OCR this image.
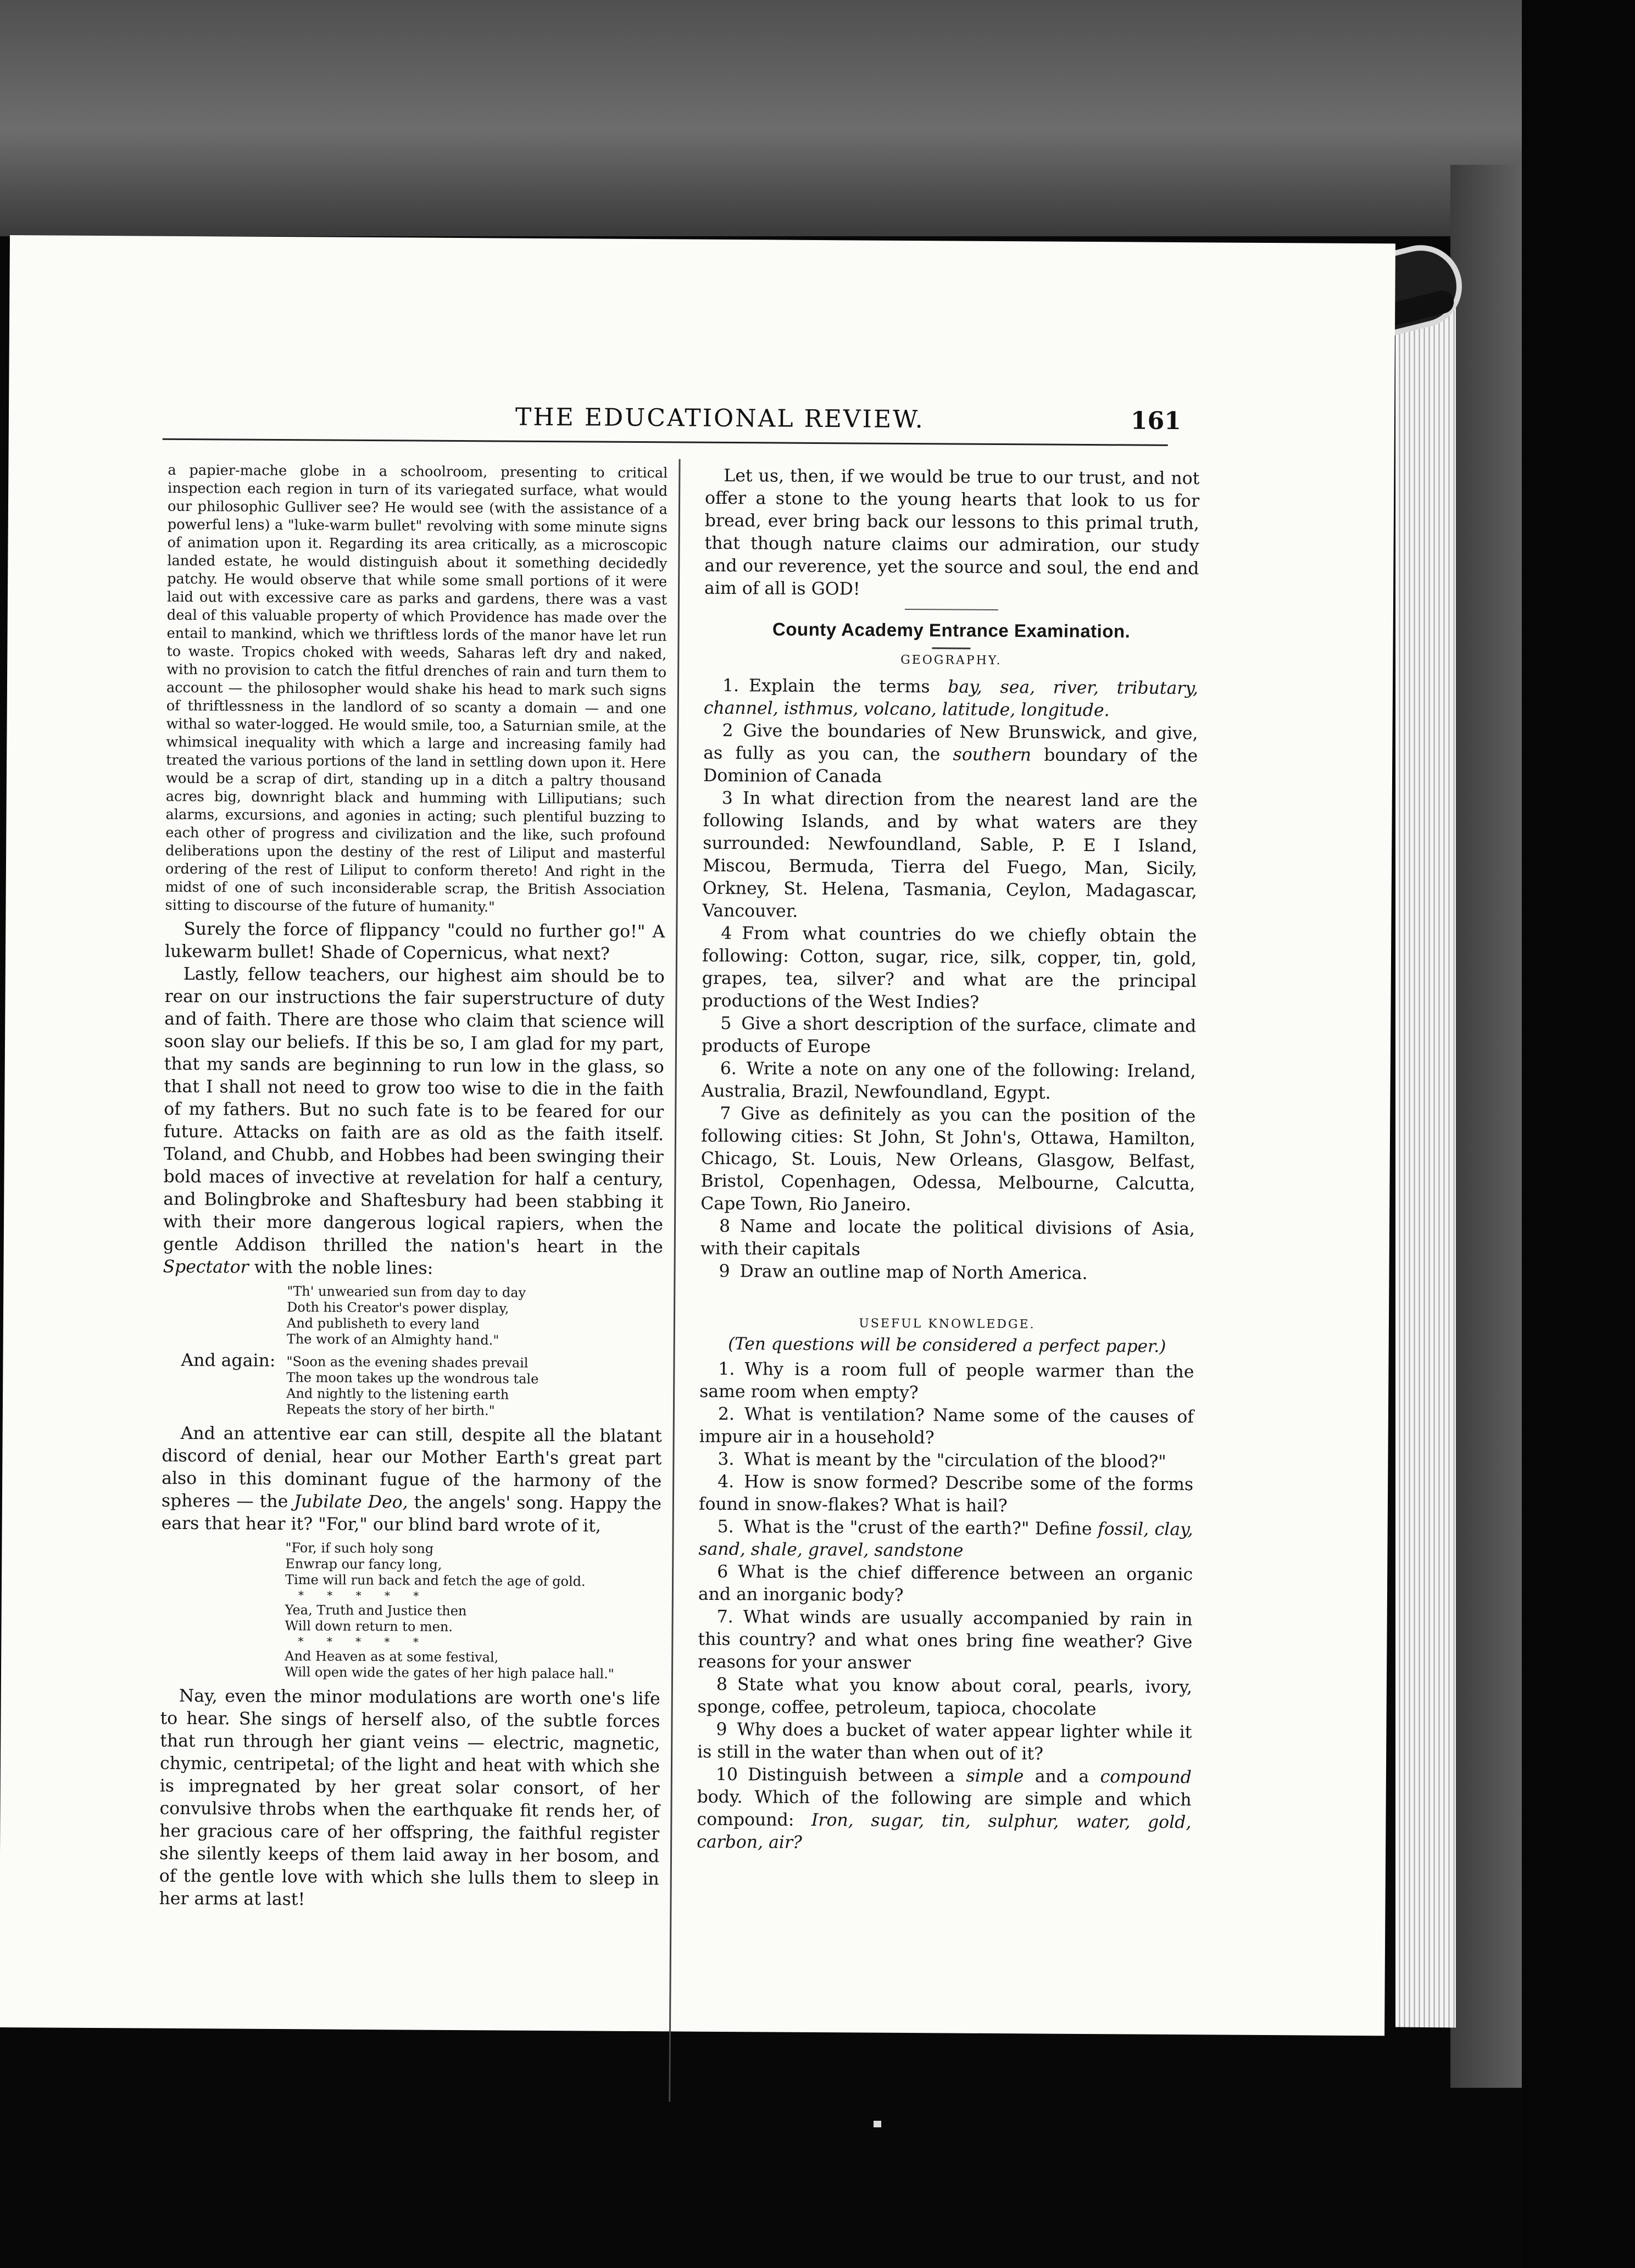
THE EDUCATIONAL REVIEW.	161

a papier-mache globe in a schoolroom, presenting to critical inspection each region in turn of its variegated surface, what would our philosophic Gulliver see? He would see (with the assistance of a powerful lens) a "luke-warm bullet" revolving with some minute signs of animation upon it. Regarding its area critically, as a microscopic landed estate, he would distinguish about it something decidedly patchy. He would observe that while some small portions of it were laid out with excessive care as parks and gardens, there was a vast deal of this valuable property of which Providence has made over the entail to mankind, which we thriftless lords of the manor have let run to waste. Tropics choked with weeds, Saharas left dry and naked, with no provision to catch the fitful drenches of rain and turn them to account — the philosopher would shake his head to mark such signs of thriftlessness in the landlord of so scanty a domain — and one withal so water-logged. He would smile, too, a Saturnian smile, at the whimsical inequality with which a large and increasing family had treated the various portions of the land in settling down upon it. Here would be a scrap of dirt, standing up in a ditch a paltry thousand acres big, downright black and humming with Lilliputians; such alarms, excursions, and agonies in acting; such plentiful buzzing to each other of progress and civilization and the like, such profound deliberations upon the destiny of the rest of Liliput and masterful ordering of the rest of Liliput to conform thereto! And right in the midst of one of such inconsiderable scrap, the British Association sitting to discourse of the future of humanity."

Surely the force of flippancy "could no further go!" A lukewarm bullet! Shade of Copernicus, what next?

Lastly, fellow teachers, our highest aim should be to rear on our instructions the fair superstructure of duty and of faith. There are those who claim that science will soon slay our beliefs. If this be so, I am glad for my part, that my sands are beginning to run low in the glass, so that I shall not need to grow too wise to die in the faith of my fathers. But no such fate is to be feared for our future. Attacks on faith are as old as the faith itself. Toland, and Chubb, and Hobbes had been swinging their bold maces of invective at revelation for half a century, and Bolingbroke and Shaftesbury had been stabbing it with their more dangerous logical rapiers, when the gentle Addison thrilled the nation's heart in the Spectator with the noble lines:

"Th' unwearied sun from day to day
Doth his Creator's power display,
And publisheth to every land
The work of an Almighty hand."
And again: "Soon as the evening shades prevail
The moon takes up the wondrous tale
And nightly to the listening earth
Repeats the story of her birth."

And an attentive ear can still, despite all the blatant discord of denial, hear our Mother Earth's great part also in this dominant fugue of the harmony of the spheres — the Jubilate Deo, the angels' song. Happy the ears that hear it? "For," our blind bard wrote of it,

"For, if such holy song
Enwrap our fancy long,
Time will run back and fetch the age of gold.
* * * * *
Yea, Truth and Justice then
Will down return to men.
* * * * *
And Heaven as at some festival,
Will open wide the gates of her high palace hall."

Nay, even the minor modulations are worth one's life to hear. She sings of herself also, of the subtle forces that run through her giant veins — electric, magnetic, chymic, centripetal; of the light and heat with which she is impregnated by her great solar consort, of her convulsive throbs when the earthquake fit rends her, of her gracious care of her offspring, the faithful register she silently keeps of them laid away in her bosom, and of the gentle love with which she lulls them to sleep in her arms at last!

Let us, then, if we would be true to our trust, and not offer a stone to the young hearts that look to us for bread, ever bring back our lessons to this primal truth, that though nature claims our admiration, our study and our reverence, yet the source and soul, the end and aim of all is GOD!

County Academy Entrance Examination.

GEOGRAPHY.

1. Explain the terms bay, sea, river, tributary, channel, isthmus, volcano, latitude, longitude.

2 Give the boundaries of New Brunswick, and give, as fully as you can, the southern boundary of the Dominion of Canada

3 In what direction from the nearest land are the following Islands, and by what waters are they surrounded: Newfoundland, Sable, P. E I Island, Miscou, Bermuda, Tierra del Fuego, Man, Sicily, Orkney, St. Helena, Tasmania, Ceylon, Madagascar, Vancouver.

4 From what countries do we chiefly obtain the following: Cotton, sugar, rice, silk, copper, tin, gold, grapes, tea, silver? and what are the principal productions of the West Indies?

5 Give a short description of the surface, climate and products of Europe

6. Write a note on any one of the following: Ireland, Australia, Brazil, Newfoundland, Egypt.

7 Give as definitely as you can the position of the following cities: St John, St John's, Ottawa, Hamilton, Chicago, St. Louis, New Orleans, Glasgow, Belfast, Bristol, Copenhagen, Odessa, Melbourne, Calcutta, Cape Town, Rio Janeiro.

8 Name and locate the political divisions of Asia, with their capitals

9 Draw an outline map of North America.

USEFUL KNOWLEDGE.

(Ten questions will be considered a perfect paper.)

1. Why is a room full of people warmer than the same room when empty?

2. What is ventilation? Name some of the causes of impure air in a household?

3. What is meant by the "circulation of the blood?"

4. How is snow formed? Describe some of the forms found in snow-flakes? What is hail?

5. What is the "crust of the earth?" Define fossil, clay, sand, shale, gravel, sandstone

6 What is the chief difference between an organic and an inorganic body?

7. What winds are usually accompanied by rain in this country? and what ones bring fine weather? Give reasons for your answer

8 State what you know about coral, pearls, ivory, sponge, coffee, petroleum, tapioca, chocolate

9 Why does a bucket of water appear lighter while it is still in the water than when out of it?

10 Distinguish between a simple and a compound body. Which of the following are simple and which compound: Iron, sugar, tin, sulphur, water, gold, carbon, air?
